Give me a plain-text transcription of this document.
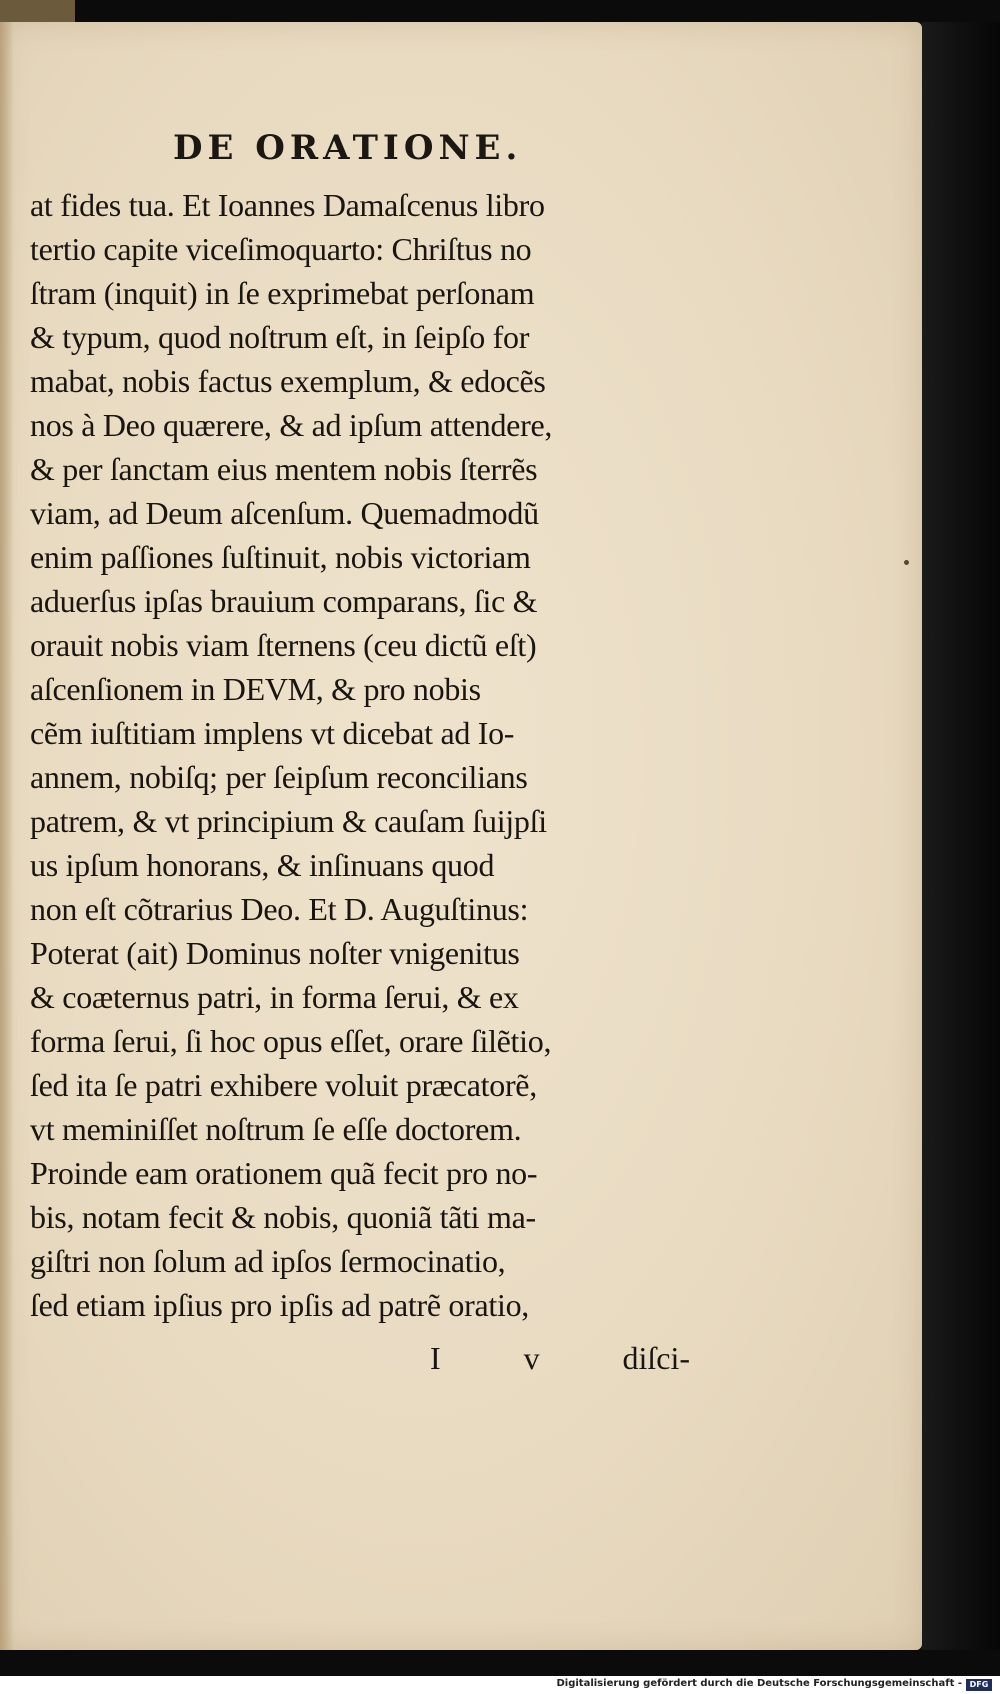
DE ORATIONE.

at fides tua. Et Ioannes Damaſcenus libro

tertio capite viceſimoquarto: Chriſtus no

ſtram (inquit) in ſe exprimebat perſonam

& typum, quod noſtrum eſt, in ſeipſo for

mabat, nobis factus exemplum, & edocẽs

nos à Deo quærere, & ad ipſum attendere,

& per ſanctam eius mentem nobis ſterrẽs

viam, ad Deum aſcenſum. Quemadmodũ

enim paſſiones ſuſtinuit, nobis victoriam

aduerſus ipſas brauium comparans, ſic &

orauit nobis viam ſternens (ceu dictũ eſt)

aſcenſionem in DEVM, & pro nobis

cẽm iuſtitiam implens vt dicebat ad Io-

annem, nobiſq; per ſeipſum reconcilians

patrem, & vt principium & cauſam ſuijpſi

us ipſum honorans, & inſinuans quod

non eſt cõtrarius Deo. Et D. Auguſtinus:

Poterat (ait) Dominus noſter vnigenitus

& coæternus patri, in forma ſerui, & ex

forma ſerui, ſi hoc opus eſſet, orare ſilẽtio,

ſed ita ſe patri exhibere voluit præcatorẽ,

vt meminiſſet noſtrum ſe eſſe doctorem.

Proinde eam orationem quã fecit pro no-

bis, notam fecit & nobis, quoniã tãti ma-

giſtri non ſolum ad ipſos ſermocinatio,

ſed etiam ipſius pro ipſis ad patrẽ oratio,

I	v	diſci-
Digitalisierung gefördert durch die Deutsche Forschungsgemeinschaft - DFG
